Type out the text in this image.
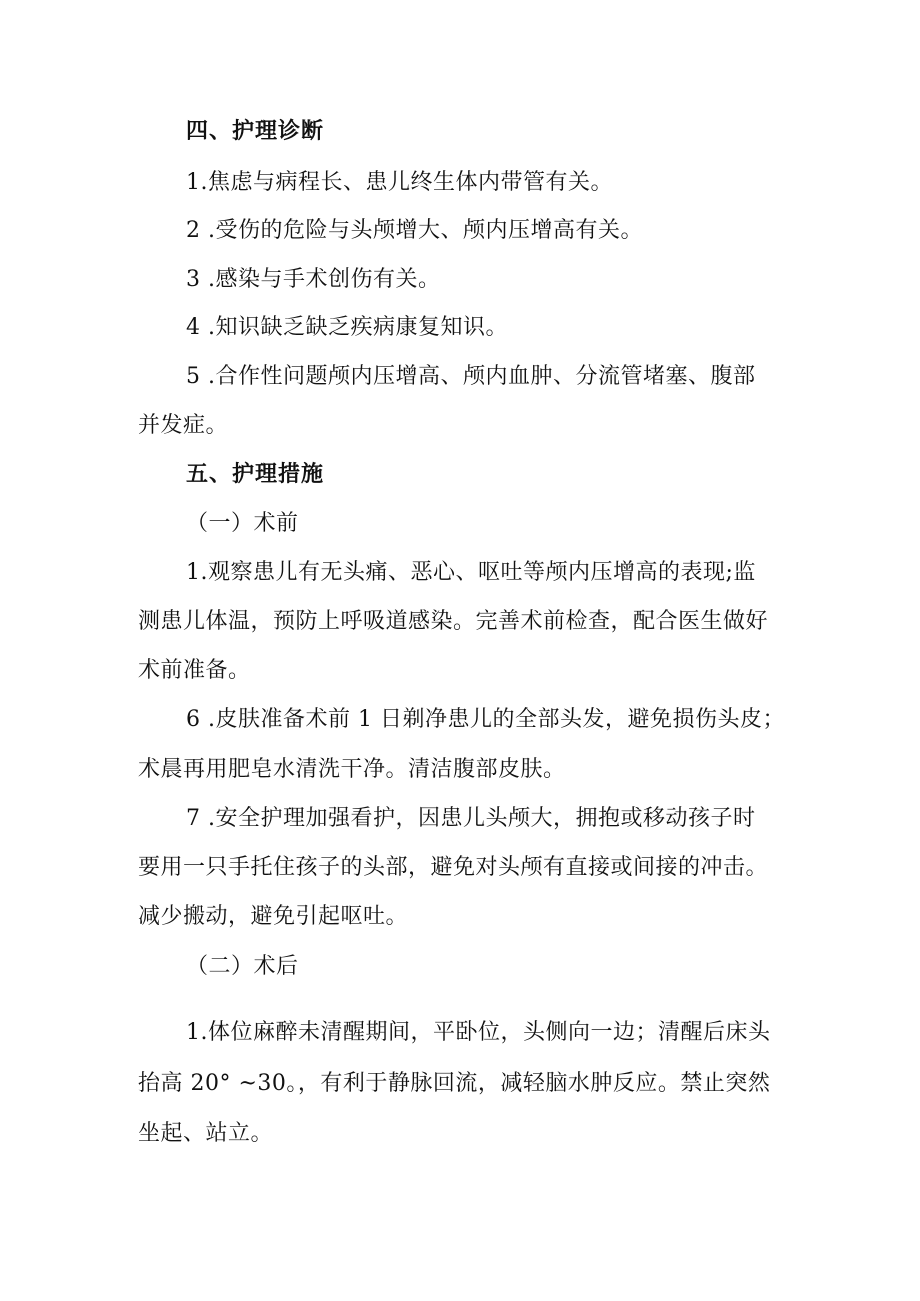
四、护理诊断
1.焦虑与病程长、患儿终生体内带管有关。
2 .受伤的危险与头颅增大、颅内压增高有关。
3 .感染与手术创伤有关。
4 .知识缺乏缺乏疾病康复知识。
5 .合作性问题颅内压增高、颅内血肿、分流管堵塞、腹部
并发症。
五、护理措施
（一）术前
1.观察患儿有无头痛、恶心、呕吐等颅内压增高的表现;监
测患儿体温，预防上呼吸道感染。完善术前检查，配合医生做好
术前准备。
6 .皮肤准备术前 1 日剃净患儿的全部头发，避免损伤头皮；
术晨再用肥皂水清洗干净。清洁腹部皮肤。
7 .安全护理加强看护，因患儿头颅大，拥抱或移动孩子时
要用一只手托住孩子的头部，避免对头颅有直接或间接的冲击。
减少搬动，避免引起呕吐。
（二）术后
1.体位麻醉未清醒期间，平卧位，头侧向一边；清醒后床头
抬高 20° ~30。，有利于静脉回流，减轻脑水肿反应。禁止突然
坐起、站立。
